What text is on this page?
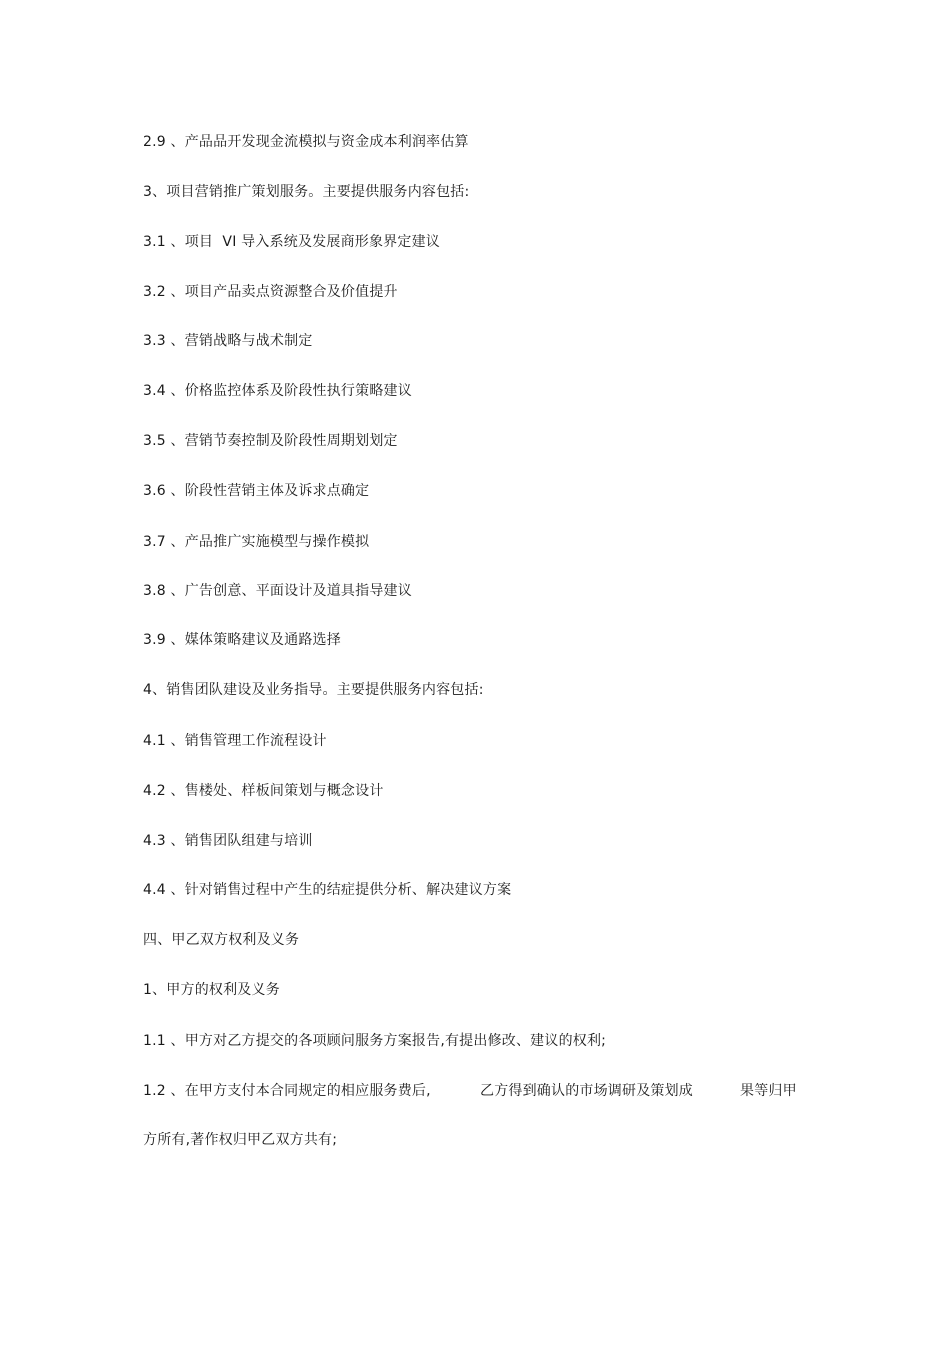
2.9 、产品品开发现金流模拟与资金成本利润率估算
3、项目营销推广策划服务。主要提供服务内容包括:
3.1 、项目  VI 导入系统及发展商形象界定建议
3.2 、项目产品卖点资源整合及价值提升
3.3 、营销战略与战术制定
3.4 、价格监控体系及阶段性执行策略建议
3.5 、营销节奏控制及阶段性周期划划定
3.6 、阶段性营销主体及诉求点确定
3.7 、产品推广实施模型与操作模拟
3.8 、广告创意、平面设计及道具指导建议
3.9 、媒体策略建议及通路选择
4、销售团队建设及业务指导。主要提供服务内容包括:
4.1 、销售管理工作流程设计
4.2 、售楼处、样板间策划与概念设计
4.3 、销售团队组建与培训
4.4 、针对销售过程中产生的结症提供分析、解决建议方案
四、甲乙双方权利及义务
1、甲方的权利及义务
1.1 、甲方对乙方提交的各项顾问服务方案报告,有提出修改、建议的权利;
1.2 、在甲方支付本合同规定的相应服务费后,	乙方得到确认的市场调研及策划成	果等归甲
方所有,著作权归甲乙双方共有;
